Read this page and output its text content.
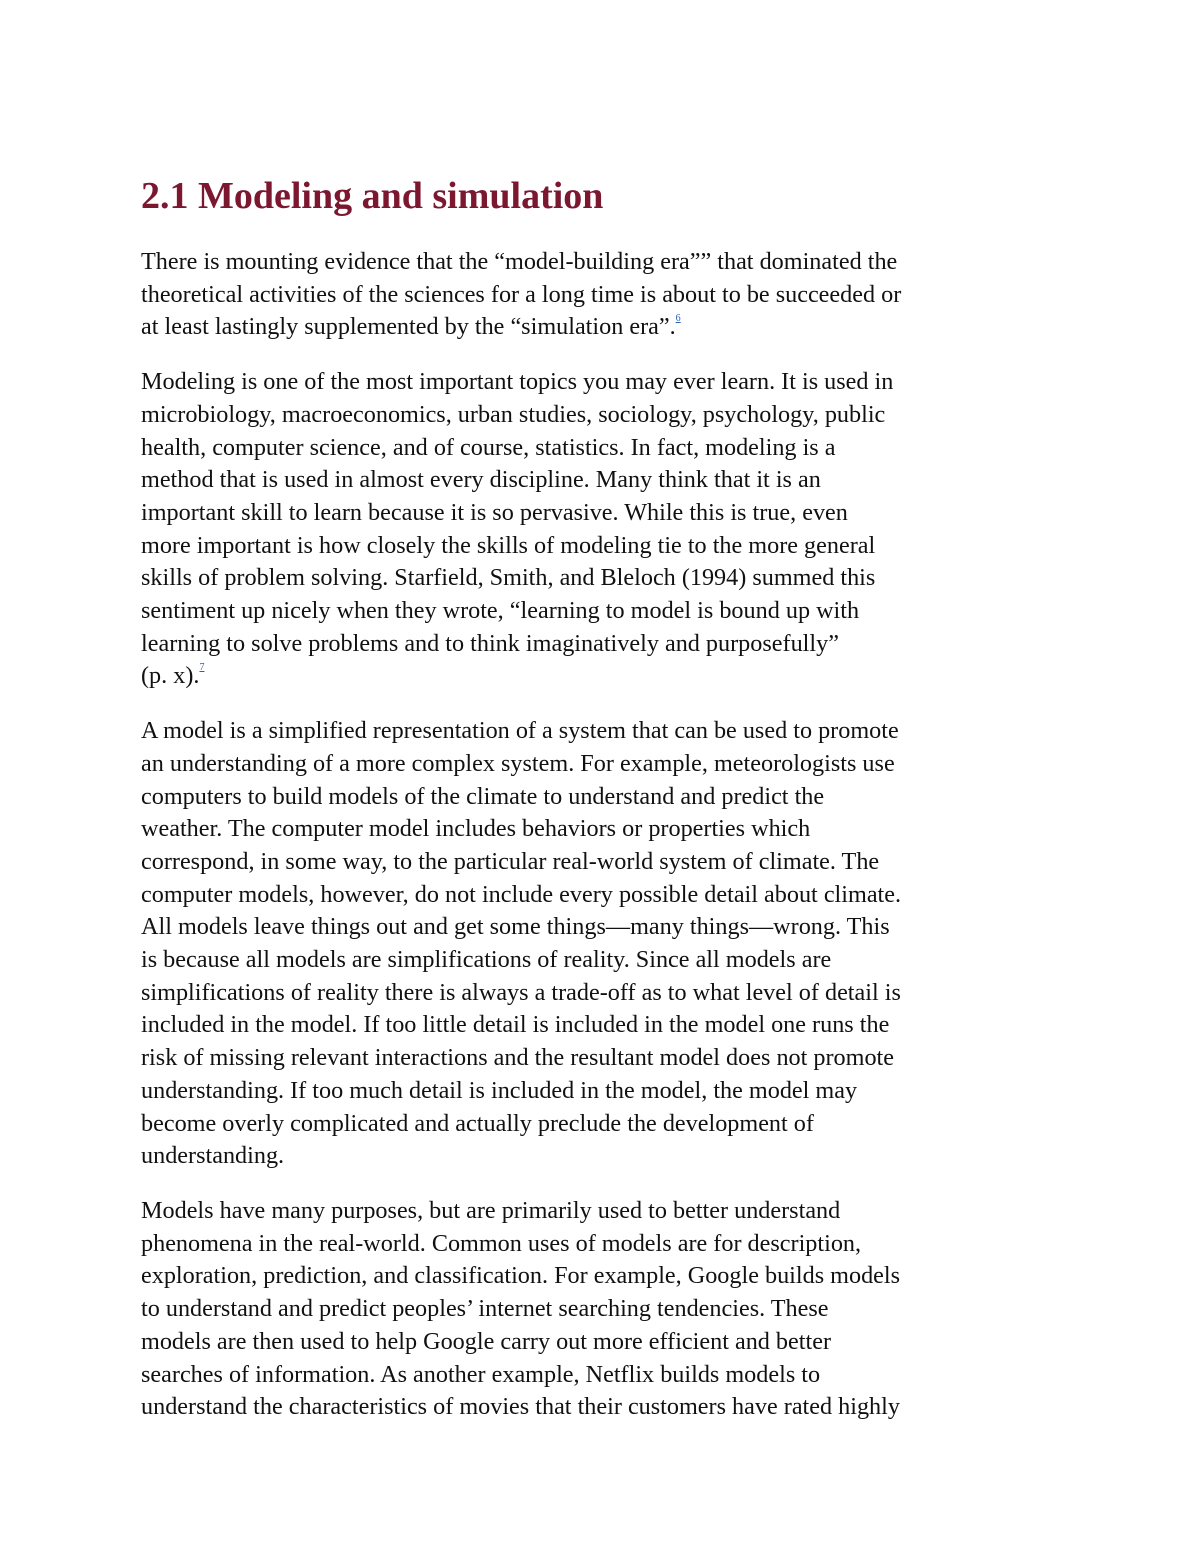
2.1 Modeling and simulation

There is mounting evidence that the “model-building era”” that dominated the
theoretical activities of the sciences for a long time is about to be succeeded or
at least lastingly supplemented by the “simulation era”.$^6$

Modeling is one of the most important topics you may ever learn. It is used in
microbiology, macroeconomics, urban studies, sociology, psychology, public
health, computer science, and of course, statistics. In fact, modeling is a
method that is used in almost every discipline. Many think that it is an
important skill to learn because it is so pervasive. While this is true, even
more important is how closely the skills of modeling tie to the more general
skills of problem solving. Starfield, Smith, and Bleloch (1994) summed this
sentiment up nicely when they wrote, “learning to model is bound up with
learning to solve problems and to think imaginatively and purposefully”
(p. x).$^7$

A model is a simplified representation of a system that can be used to promote
an understanding of a more complex system. For example, meteorologists use
computers to build models of the climate to understand and predict the
weather. The computer model includes behaviors or properties which
correspond, in some way, to the particular real-world system of climate. The
computer models, however, do not include every possible detail about climate.
All models leave things out and get some things—many things—wrong. This
is because all models are simplifications of reality. Since all models are
simplifications of reality there is always a trade-off as to what level of detail is
included in the model. If too little detail is included in the model one runs the
risk of missing relevant interactions and the resultant model does not promote
understanding. If too much detail is included in the model, the model may
become overly complicated and actually preclude the development of
understanding.

Models have many purposes, but are primarily used to better understand
phenomena in the real-world. Common uses of models are for description,
exploration, prediction, and classification. For example, Google builds models
to understand and predict peoples’ internet searching tendencies. These
models are then used to help Google carry out more efficient and better
searches of information. As another example, Netflix builds models to
understand the characteristics of movies that their customers have rated highly
